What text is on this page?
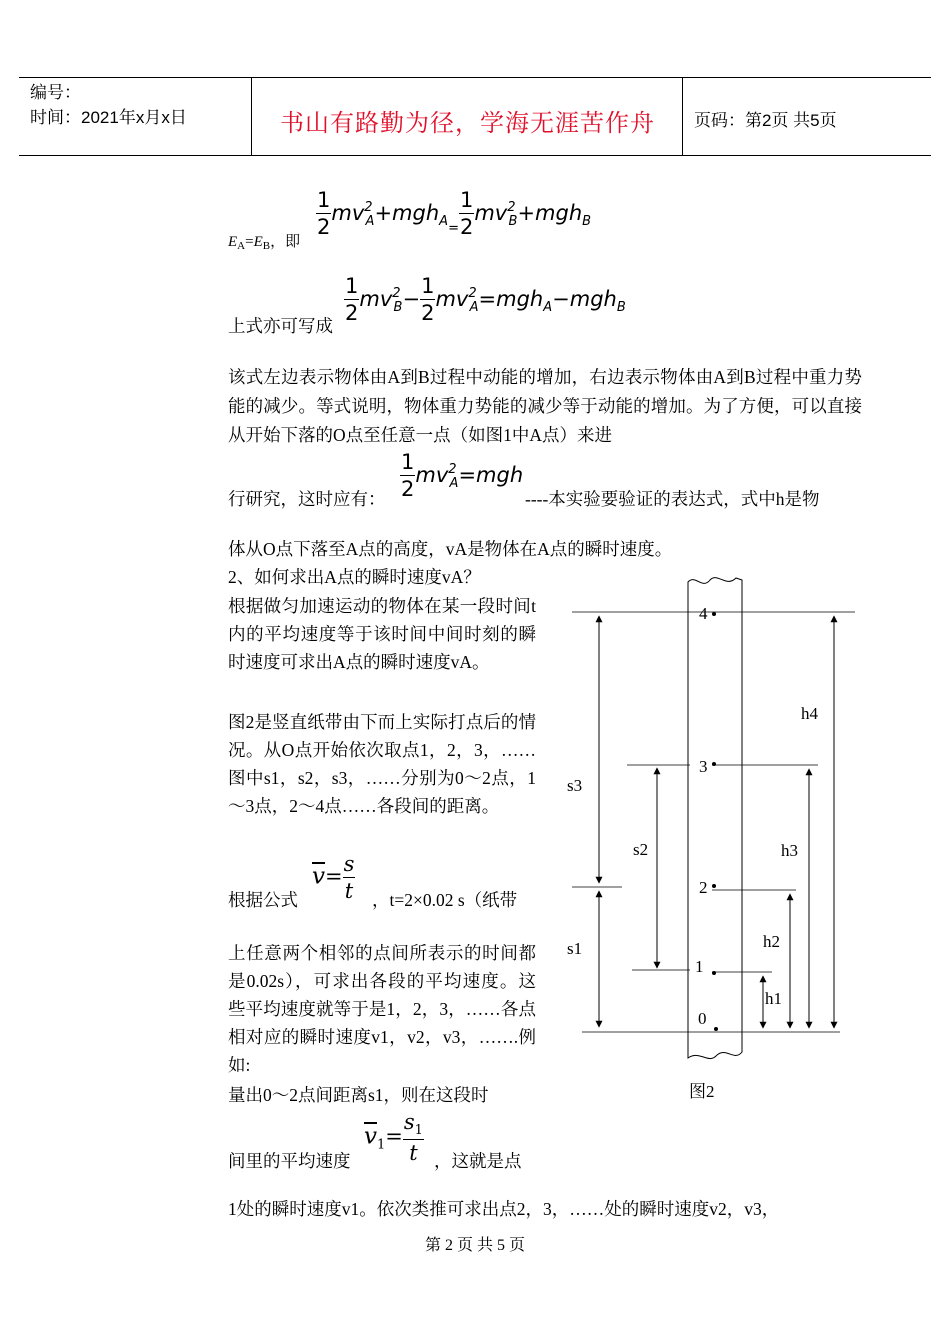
编号：
时间：2021年x月x日	书山有路勤为径，学海无涯苦作舟	页码：第2页 共5页
$E_A=E_B$，即
$\frac{1}{2} mv^2_A+mgh_{A=} \frac{1}{2} mv^2_B+mgh_B$
上式亦可写成
$\frac{1}{2} mv^2_B- \frac{1}{2} mv^2_A=mgh_A-mgh_B$
该式左边表示物体由A到B过程中动能的增加，右边表示物体由A到B过程中重力势能的减少。等式说明，物体重力势能的减少等于动能的增加。为了方便，可以直接从开始下落的O点至任意一点（如图1中A点）来进
行研究，这时应有： $\frac{1}{2} mv^2_A=mgh$
----本实验要验证的表达式，式中h是物
体从O点下落至A点的高度，vA是物体在A点的瞬时速度。
2、如何求出A点的瞬时速度vA？
根据做匀加速运动的物体在某一段时间t内的平均速度等于该时间中间时刻的瞬时速度可求出A点的瞬时速度vA。
图2是竖直纸带由下而上实际打点后的情况。从O点开始依次取点1，2，3，……图中s1，s2，s3，……分别为0～2点，1～3点，2～4点……各段间的距离。
根据公式
$\overline{v}= \frac{s}{t}$ ，t=2×0.02 s（纸带
上任意两个相邻的点间所表示的时间都是0.02s），可求出各段的平均速度。这些平均速度就等于是1，2，3，……各点相对应的瞬时速度v1，v2，v3，…….例如:
量出0～2点间距离s1，则在这段时
间里的平均速度
$\overline{v}_1= \frac{s_1}{t}$ ，这就是点
1处的瞬时速度v1。依次类推可求出点2，3，……处的瞬时速度v2，v3，
4
3
2
1
0
s3
s1
s2
h1
h2
h3
h4
图2
第 2 页 共 5 页
